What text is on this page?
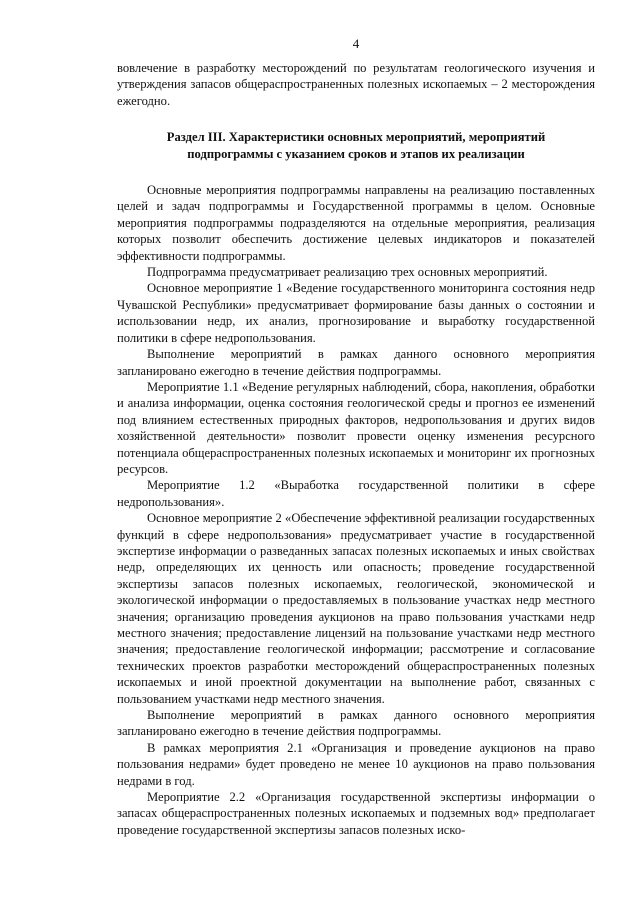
4

вовлечение в разработку месторождений по результатам геологического изучения и утверждения запасов общераспространенных полезных ископаемых – 2 месторождения ежегодно.

Раздел III. Характеристики основных мероприятий, мероприятий
подпрограммы с указанием сроков и этапов их реализации

Основные мероприятия подпрограммы направлены на реализацию поставленных целей и задач подпрограммы и Государственной программы в целом. Основные мероприятия подпрограммы подразделяются на отдельные мероприятия, реализация которых позволит обеспечить достижение целевых индикаторов и показателей эффективности подпрограммы.

Подпрограмма предусматривает реализацию трех основных мероприятий.

Основное мероприятие 1 «Ведение государственного мониторинга состояния недр Чувашской Республики» предусматривает формирование базы данных о состоянии и использовании недр, их анализ, прогнозирование и выработку государственной политики в сфере недропользования.

Выполнение мероприятий в рамках данного основного мероприятия запланировано ежегодно в течение действия подпрограммы.

Мероприятие 1.1 «Ведение регулярных наблюдений, сбора, накопления, обработки и анализа информации, оценка состояния геологической среды и прогноз ее изменений под влиянием естественных природных факторов, недропользования и других видов хозяйственной деятельности» позволит провести оценку изменения ресурсного потенциала общераспространенных полезных ископаемых и мониторинг их прогнозных ресурсов.

Мероприятие 1.2 «Выработка государственной политики в сфере недропользования».

Основное мероприятие 2 «Обеспечение эффективной реализации государственных функций в сфере недропользования» предусматривает участие в государственной экспертизе информации о разведанных запасах полезных ископаемых и иных свойствах недр, определяющих их ценность или опасность; проведение государственной экспертизы запасов полезных ископаемых, геологической, экономической и экологической информации о предоставляемых в пользование участках недр местного значения; организацию проведения аукционов на право пользования участками недр местного значения; предоставление лицензий на пользование участками недр местного значения; предоставление геологической информации; рассмотрение и согласование технических проектов разработки месторождений общераспространенных полезных ископаемых и иной проектной документации на выполнение работ, связанных с пользованием участками недр местного значения.

Выполнение мероприятий в рамках данного основного мероприятия запланировано ежегодно в течение действия подпрограммы.

В рамках мероприятия 2.1 «Организация и проведение аукционов на право пользования недрами» будет проведено не менее 10 аукционов на право пользования недрами в год.

Мероприятие 2.2 «Организация государственной экспертизы информации о запасах общераспространенных полезных ископаемых и подземных вод» предполагает проведение государственной экспертизы запасов полезных иско-
